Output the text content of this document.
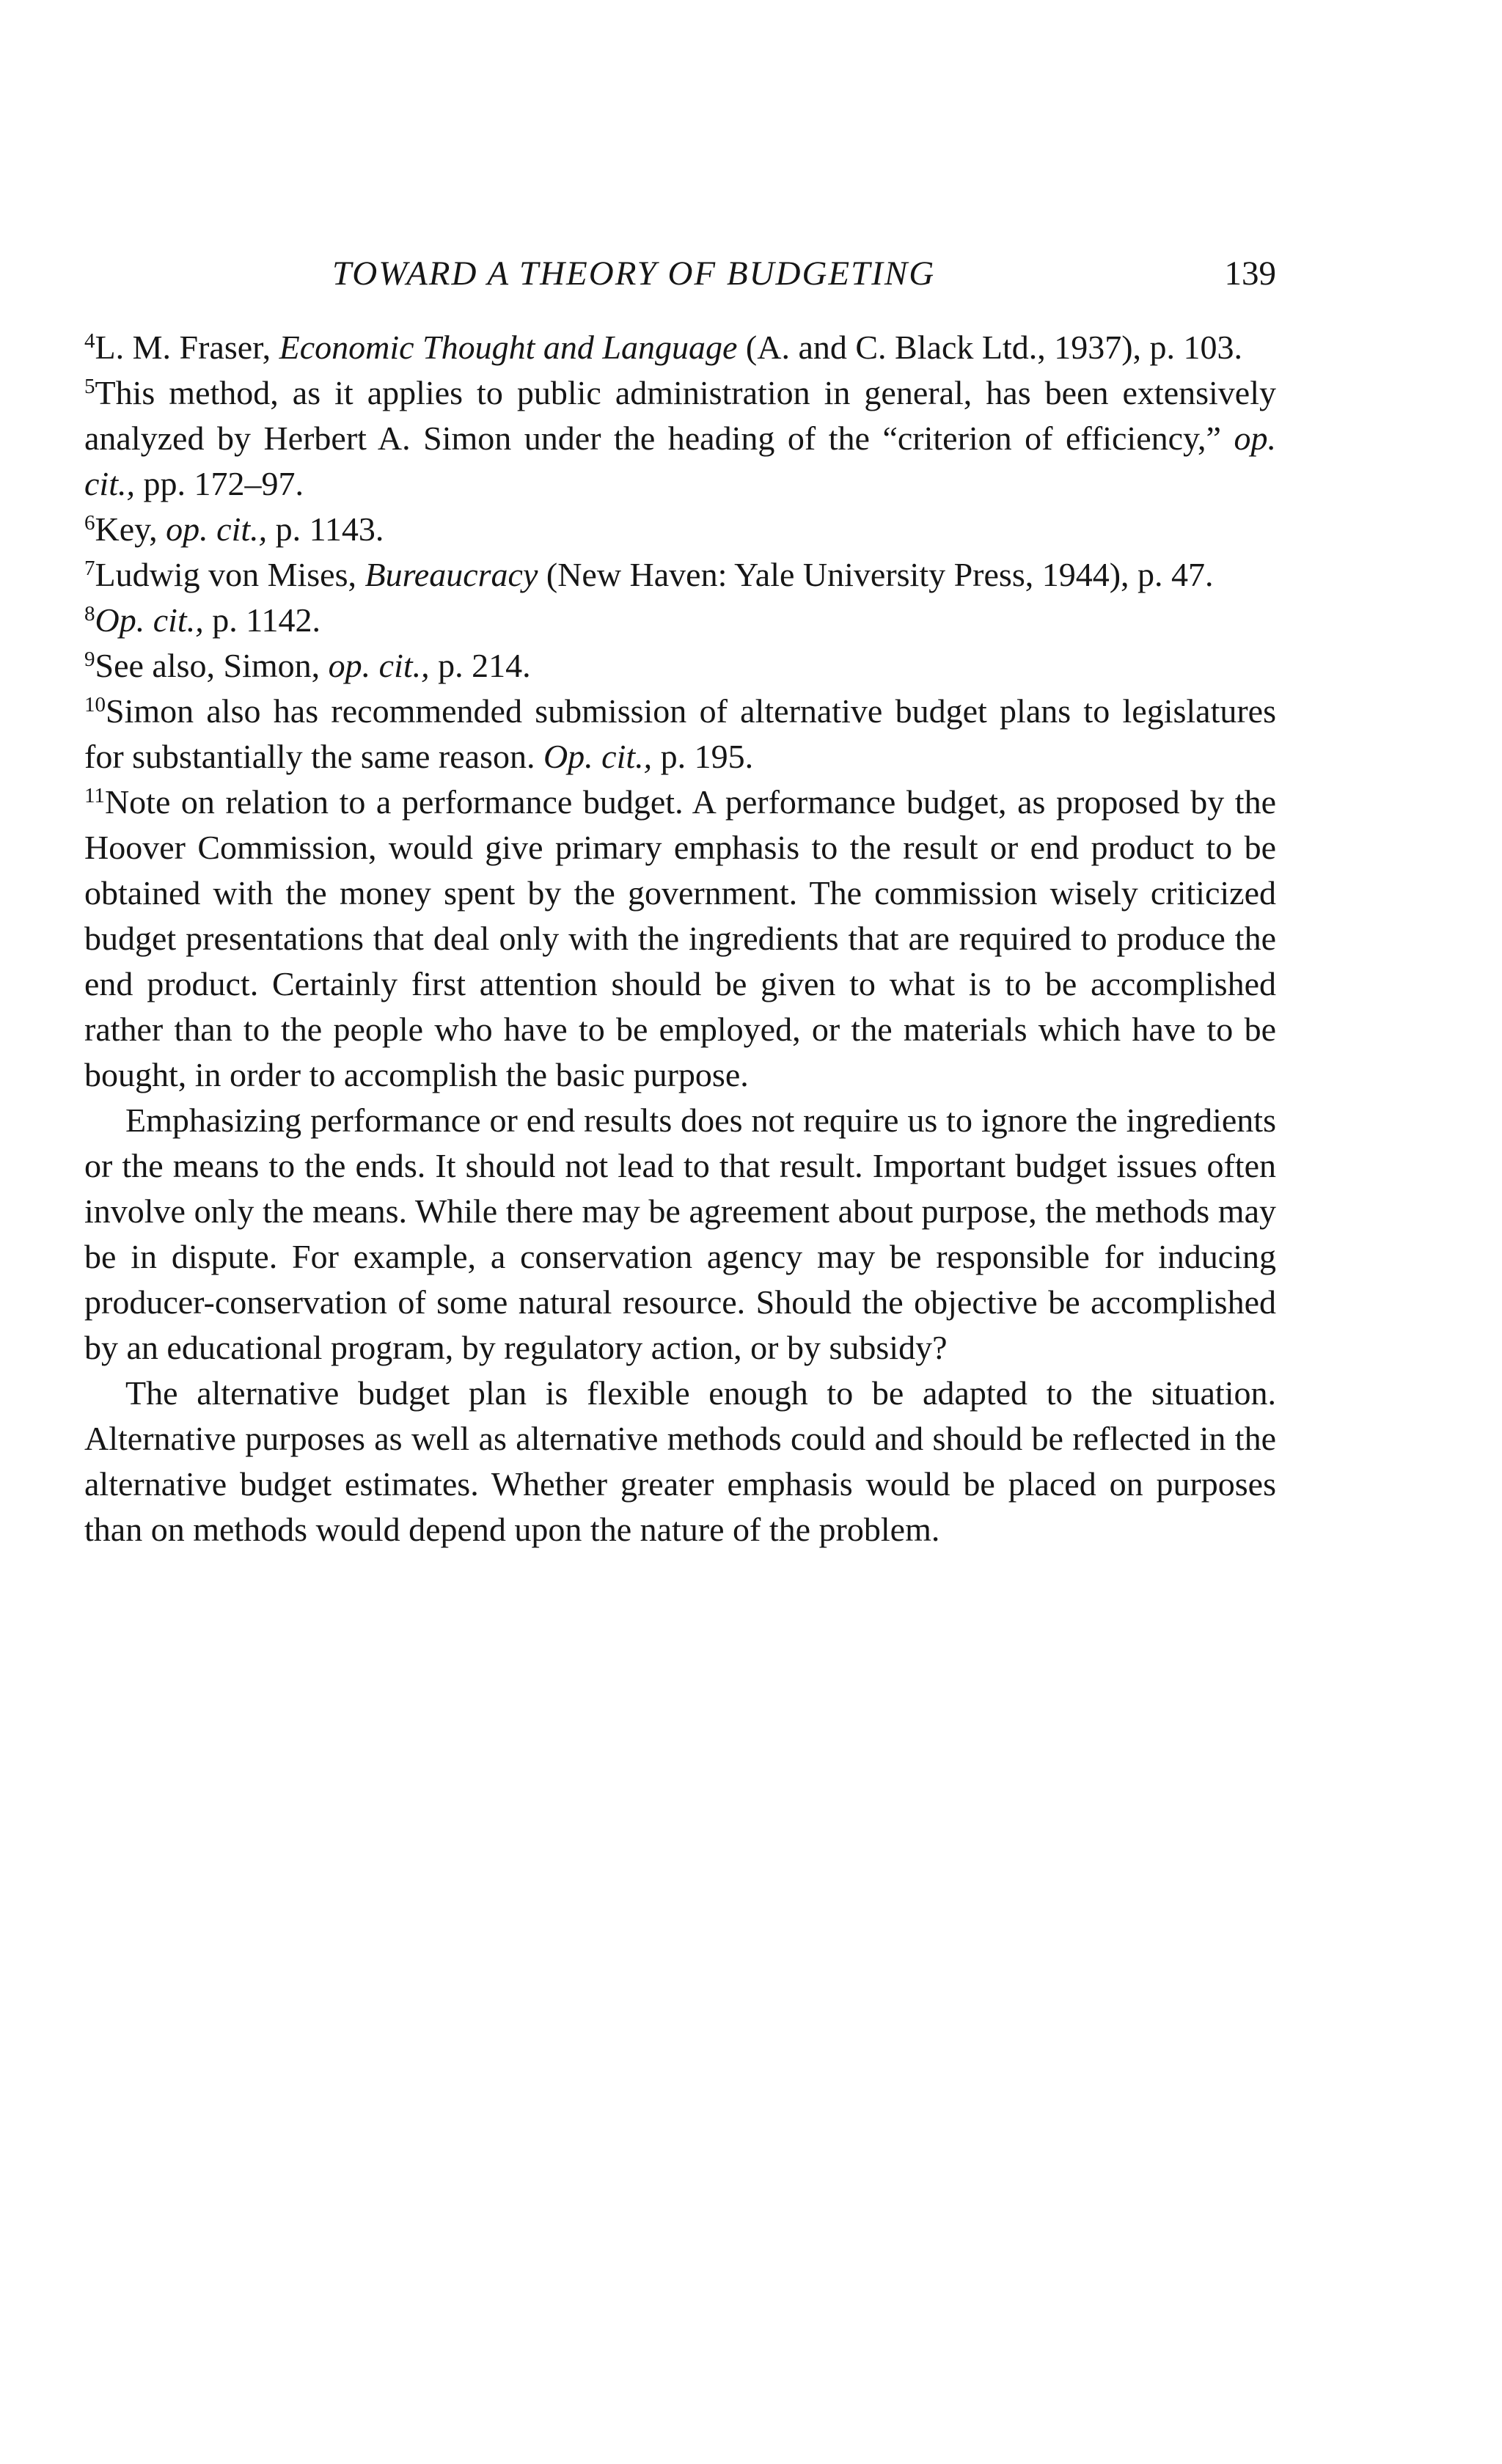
TOWARD A THEORY OF BUDGETING	139

$^4$L. M. Fraser, Economic Thought and Language (A. and C. Black Ltd., 1937), p. 103.

$^5$This method, as it applies to public administration in general, has been extensively analyzed by Herbert A. Simon under the heading of the “criterion of efficiency,” op. cit., pp. 172–97.

$^6$Key, op. cit., p. 1143.

$^7$Ludwig von Mises, Bureaucracy (New Haven: Yale University Press, 1944), p. 47.

$^8$Op. cit., p. 1142.

$^9$See also, Simon, op. cit., p. 214.

$^{10}$Simon also has recommended submission of alternative budget plans to legislatures for substantially the same reason. Op. cit., p. 195.

$^{11}$Note on relation to a performance budget. A performance budget, as proposed by the Hoover Commission, would give primary emphasis to the result or end product to be obtained with the money spent by the government. The commission wisely criticized budget presentations that deal only with the ingredients that are required to produce the end product. Certainly first attention should be given to what is to be accomplished rather than to the people who have to be employed, or the materials which have to be bought, in order to accomplish the basic purpose.

Emphasizing performance or end results does not require us to ignore the ingredients or the means to the ends. It should not lead to that result. Important budget issues often involve only the means. While there may be agreement about purpose, the methods may be in dispute. For example, a conservation agency may be responsible for inducing producer-conservation of some natural resource. Should the objective be accomplished by an educational program, by regulatory action, or by subsidy?

The alternative budget plan is flexible enough to be adapted to the situation. Alternative purposes as well as alternative methods could and should be reflected in the alternative budget estimates. Whether greater emphasis would be placed on purposes than on methods would depend upon the nature of the problem.
